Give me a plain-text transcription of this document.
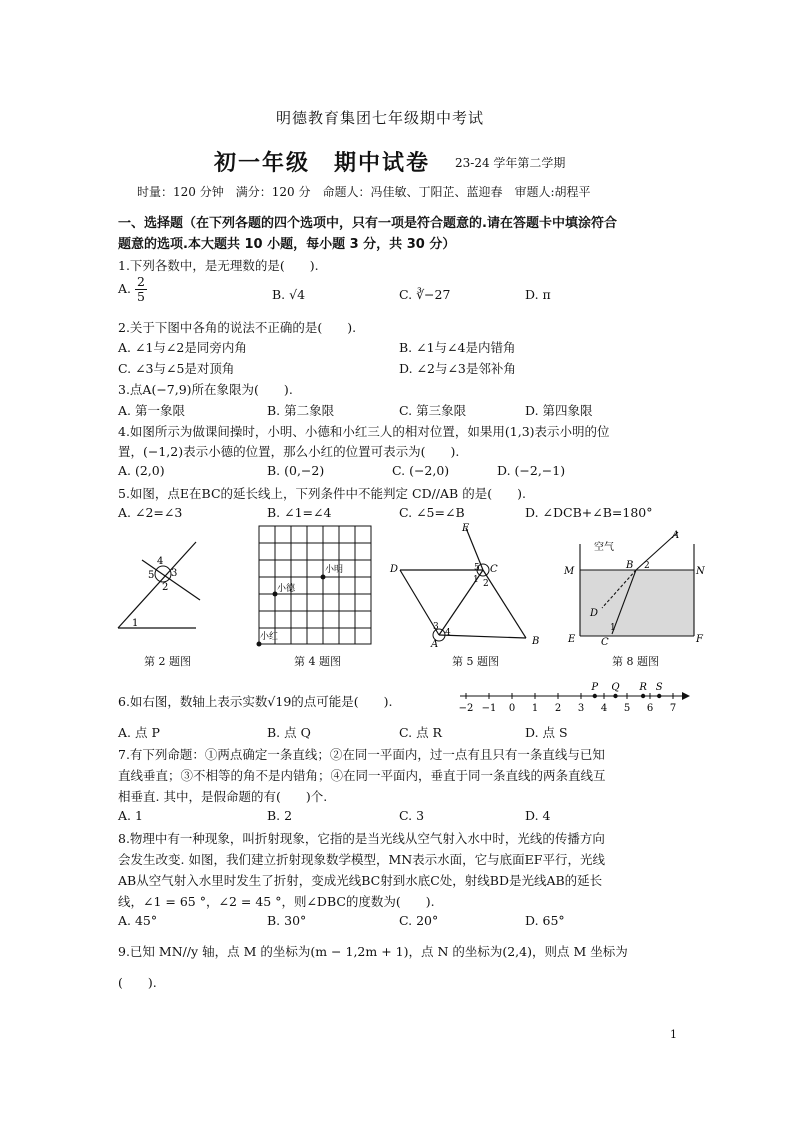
明德教育集团七年级期中考试
初一年级　期中试卷 23-24 学年第二学期
时量：120 分钟　满分：120 分　命题人：冯佳敏、丁阳芷、蓝迎春　审题人:胡程平
一、选择题（在下列各题的四个选项中，只有一项是符合题意的.请在答题卡中填涂符合
题意的选项.本大题共 10 小题，每小题 3 分，共 30 分）
1.下列各数中，是无理数的是(　　).
A. $\frac{2}{5}$	B. √4	C. ∛−27	D. π
2.关于下图中各角的说法不正确的是(　　).
A. ∠1与∠2是同旁内角	B. ∠1与∠4是内错角
C. ∠3与∠5是对顶角	D. ∠2与∠3是邻补角
3.点A(−7,9)所在象限为(　　).
A. 第一象限	B. 第二象限	C. 第三象限	D. 第四象限
4.如图所示为做课间操时，小明、小德和小红三人的相对位置，如果用(1,3)表示小明的位
置，(−1,2)表示小德的位置，那么小红的位置可表示为(　　).
A. (2,0)	B. (0,−2)	C. (−2,0)	D. (−2,−1)
5.如图，点E在BC的延长线上，下列条件中不能判定 CD//AB 的是(　　).
A. ∠2=∠3	B. ∠1=∠4	C. ∠5=∠B	D. ∠DCB+∠B=180°
4
3
5
2
1
第 2 题图
小明
小德
小红
第 4 题图
E
D	C
5
1 2
3
4
A	B
第 5 题图
空气
A
M
B 2	N
D
1
E	C	F
第 8 题图
6.如右图，数轴上表示实数√19的点可能是(　　).	−2 −1 0 1 2 3 4 5 6 7
P Q R S
A. 点 P	B. 点 Q	C. 点 R	D. 点 S
7.有下列命题：①两点确定一条直线；②在同一平面内，过一点有且只有一条直线与已知
直线垂直；③不相等的角不是内错角；④在同一平面内，垂直于同一条直线的两条直线互
相垂直. 其中，是假命题的有(　　)个.
A. 1	B. 2	C. 3	D. 4
8.物理中有一种现象，叫折射现象，它指的是当光线从空气射入水中时，光线的传播方向
会发生改变. 如图，我们建立折射现象数学模型，MN表示水面，它与底面EF平行，光线
AB从空气射入水里时发生了折射，变成光线BC射到水底C处，射线BD是光线AB的延长
线，∠1 = 65 °，∠2 = 45 °，则∠DBC的度数为(　　).
A. 45°	B. 30°	C. 20°	D. 65°
9.已知 MN//y 轴，点 M 的坐标为(m − 1,2m + 1)，点 N 的坐标为(2,4)，则点 M 坐标为
(　　).
1
